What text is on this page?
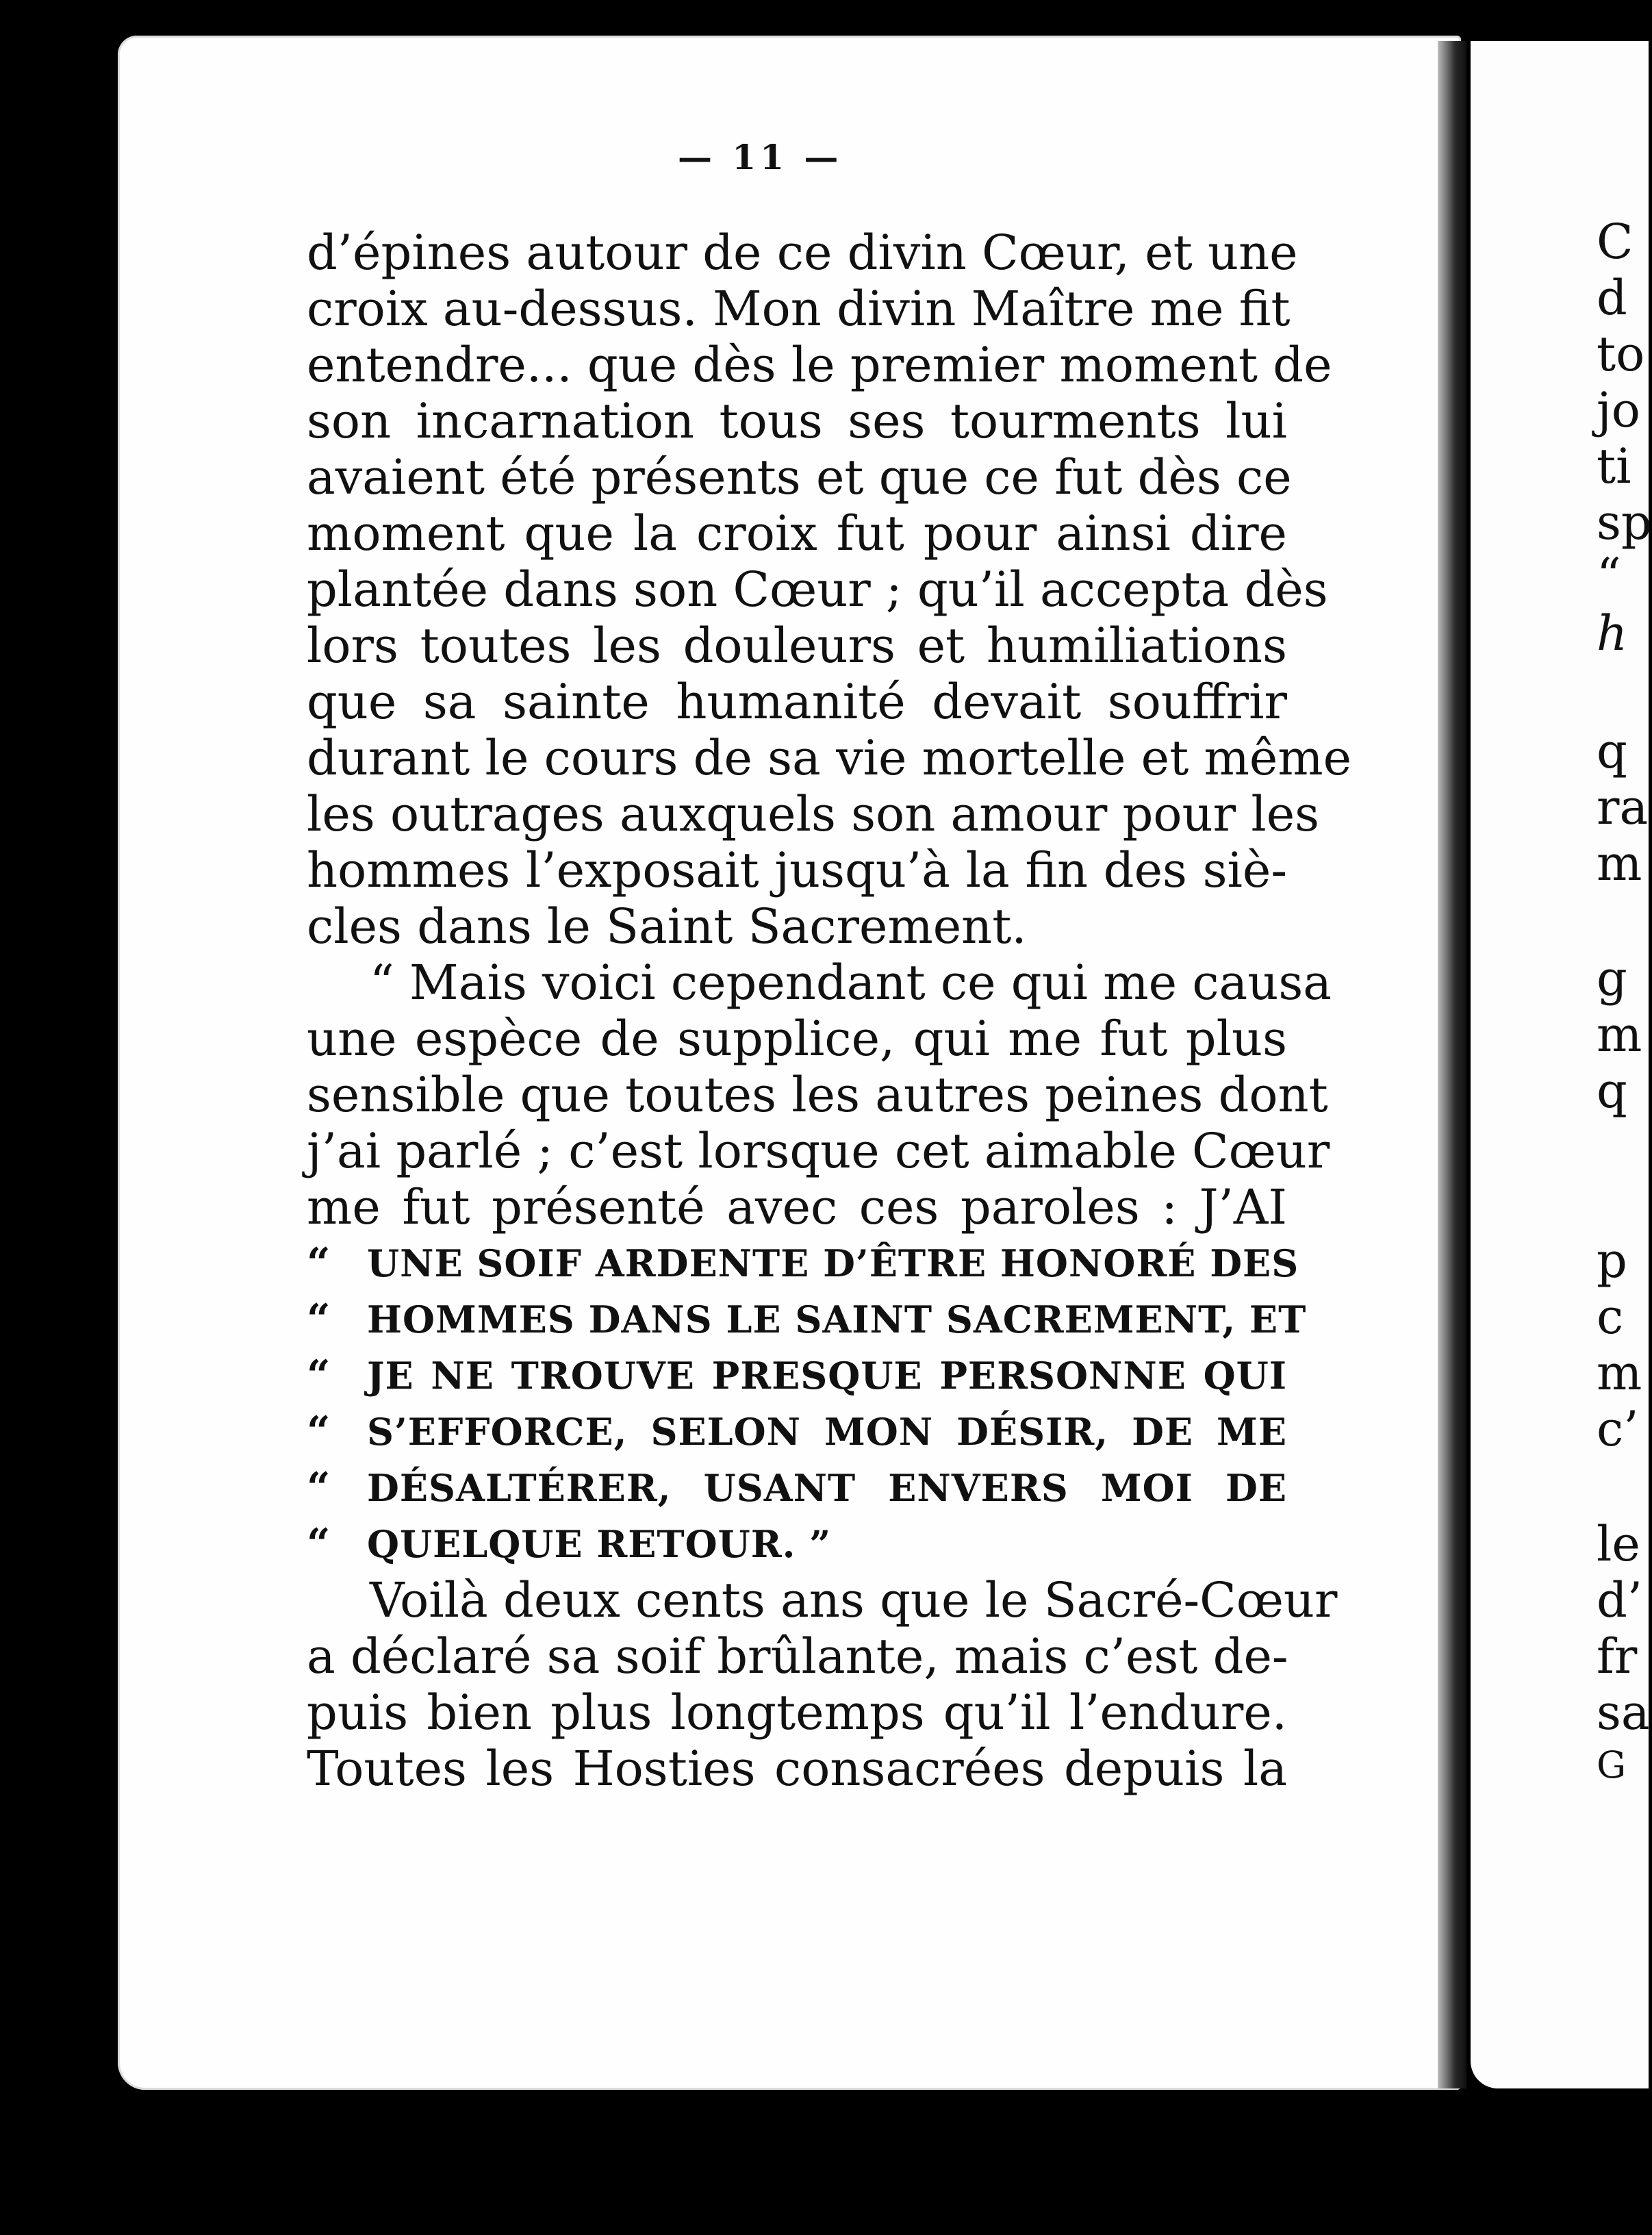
— 11 —
d’épines autour de ce divin Cœur, et une
croix au-dessus. Mon divin Maître me fit
entendre... que dès le premier moment de
son incarnation tous ses tourments lui
avaient été présents et que ce fut dès ce
moment que la croix fut pour ainsi dire
plantée dans son Cœur ; qu’il accepta dès
lors toutes les douleurs et humiliations
que sa sainte humanité devait souffrir
durant le cours de sa vie mortelle et même
les outrages auxquels son amour pour les
hommes l’exposait jusqu’à la fin des siè-
cles dans le Saint Sacrement.
“ Mais voici cependant ce qui me causa
une espèce de supplice, qui me fut plus
sensible que toutes les autres peines dont
j’ai parlé ; c’est lorsque cet aimable Cœur
me fut présenté avec ces paroles : J’AI
“ UNE SOIF ARDENTE D’ÊTRE HONORÉ DES
“ HOMMES DANS LE SAINT SACREMENT, ET
“ JE NE TROUVE PRESQUE PERSONNE QUI
“ S’EFFORCE, SELON MON DÉSIR, DE ME
“ DÉSALTÉRER, USANT ENVERS MOI DE
“ QUELQUE RETOUR. ”
Voilà deux cents ans que le Sacré-Cœur
a déclaré sa soif brûlante, mais c’est de-
puis bien plus longtemps qu’il l’endure.
Toutes les Hosties consacrées depuis la
C
d
to
jo
ti
sp
“
h
q
ra
m
g
m
q
p
c
m
c’
le
d’
fr
sa
G
